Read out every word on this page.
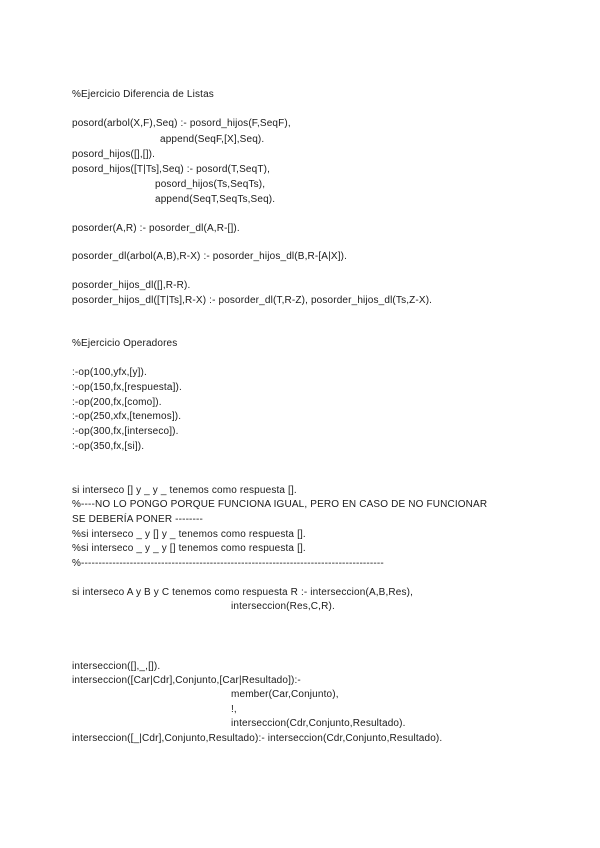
%Ejercicio Diferencia de Listas
posord(arbol(X,F),Seq) :- posord_hijos(F,SeqF),
append(SeqF,[X],Seq).
posord_hijos([],[]).
posord_hijos([T|Ts],Seq) :- posord(T,SeqT),
posord_hijos(Ts,SeqTs),
append(SeqT,SeqTs,Seq).
posorder(A,R) :- posorder_dl(A,R-[]).
posorder_dl(arbol(A,B),R-X) :- posorder_hijos_dl(B,R-[A|X]).
posorder_hijos_dl([],R-R).
posorder_hijos_dl([T|Ts],R-X) :- posorder_dl(T,R-Z), posorder_hijos_dl(Ts,Z-X).
%Ejercicio Operadores
:-op(100,yfx,[y]).
:-op(150,fx,[respuesta]).
:-op(200,fx,[como]).
:-op(250,xfx,[tenemos]).
:-op(300,fx,[interseco]).
:-op(350,fx,[si]).
si interseco [] y _ y _ tenemos como respuesta [].
%----NO LO PONGO PORQUE FUNCIONA IGUAL, PERO EN CASO DE NO FUNCIONAR
SE DEBERÍA PONER --------
%si interseco _ y [] y _ tenemos como respuesta [].
%si interseco _ y _ y [] tenemos como respuesta [].
%---------------------------------------------------------------------------------------
si interseco A y B y C tenemos como respuesta R :- interseccion(A,B,Res),
interseccion(Res,C,R).
interseccion([],_,[]).
interseccion([Car|Cdr],Conjunto,[Car|Resultado]):-
member(Car,Conjunto),
!,
interseccion(Cdr,Conjunto,Resultado).
interseccion([_|Cdr],Conjunto,Resultado):- interseccion(Cdr,Conjunto,Resultado).
